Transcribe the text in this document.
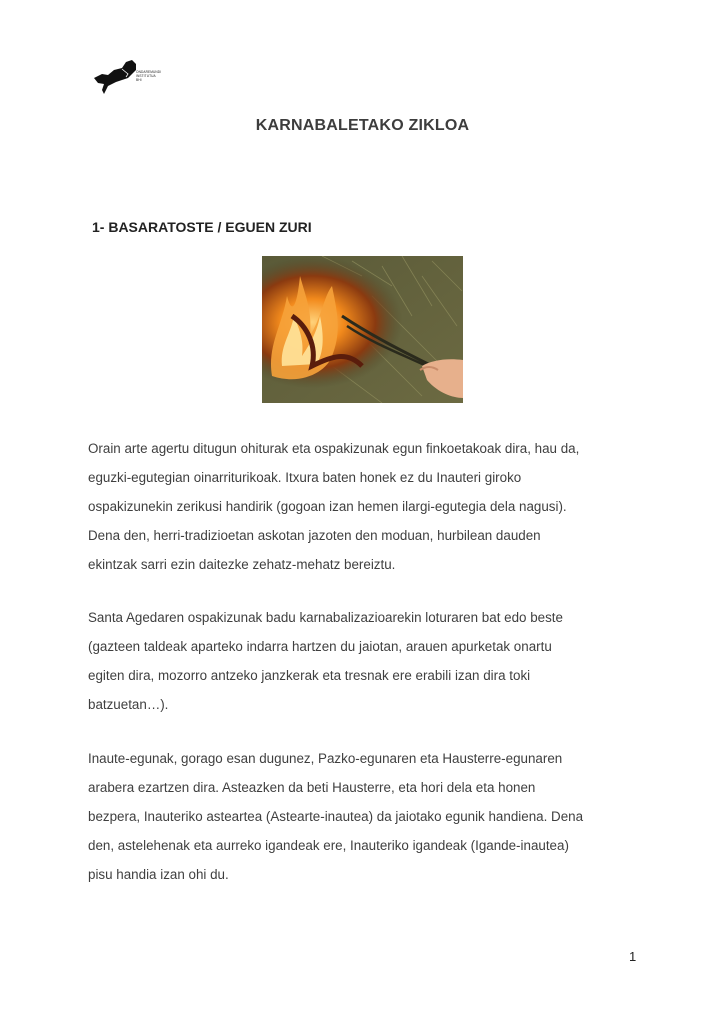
ONDAREMUNDI
INSTITUTUA
BHI
KARNABALETAKO ZIKLOA
1- BASARATOSTE / EGUEN ZURI
Orain arte agertu ditugun ohiturak eta ospakizunak egun finkoetakoak dira, hau da,
eguzki-egutegian oinarriturikoak. Itxura baten honek ez du Inauteri giroko
ospakizunekin zerikusi handirik (gogoan izan hemen ilargi-egutegia dela nagusi).
Dena den, herri-tradizioetan askotan jazoten den moduan, hurbilean dauden
ekintzak sarri ezin daitezke zehatz-mehatz bereiztu.
Santa Agedaren ospakizunak badu karnabalizazioarekin loturaren bat edo beste
(gazteen taldeak aparteko indarra hartzen du jaiotan, arauen apurketak onartu
egiten dira, mozorro antzeko janzkerak eta tresnak ere erabili izan dira toki
batzuetan…).
Inaute-egunak, gorago esan dugunez, Pazko-egunaren eta Hausterre-egunaren
arabera ezartzen dira. Asteazken da beti Hausterre, eta hori dela eta honen
bezpera, Inauteriko asteartea (Astearte-inautea) da jaiotako egunik handiena. Dena
den, astelehenak eta aurreko igandeak ere, Inauteriko igandeak (Igande-inautea)
pisu handia izan ohi du.
1
